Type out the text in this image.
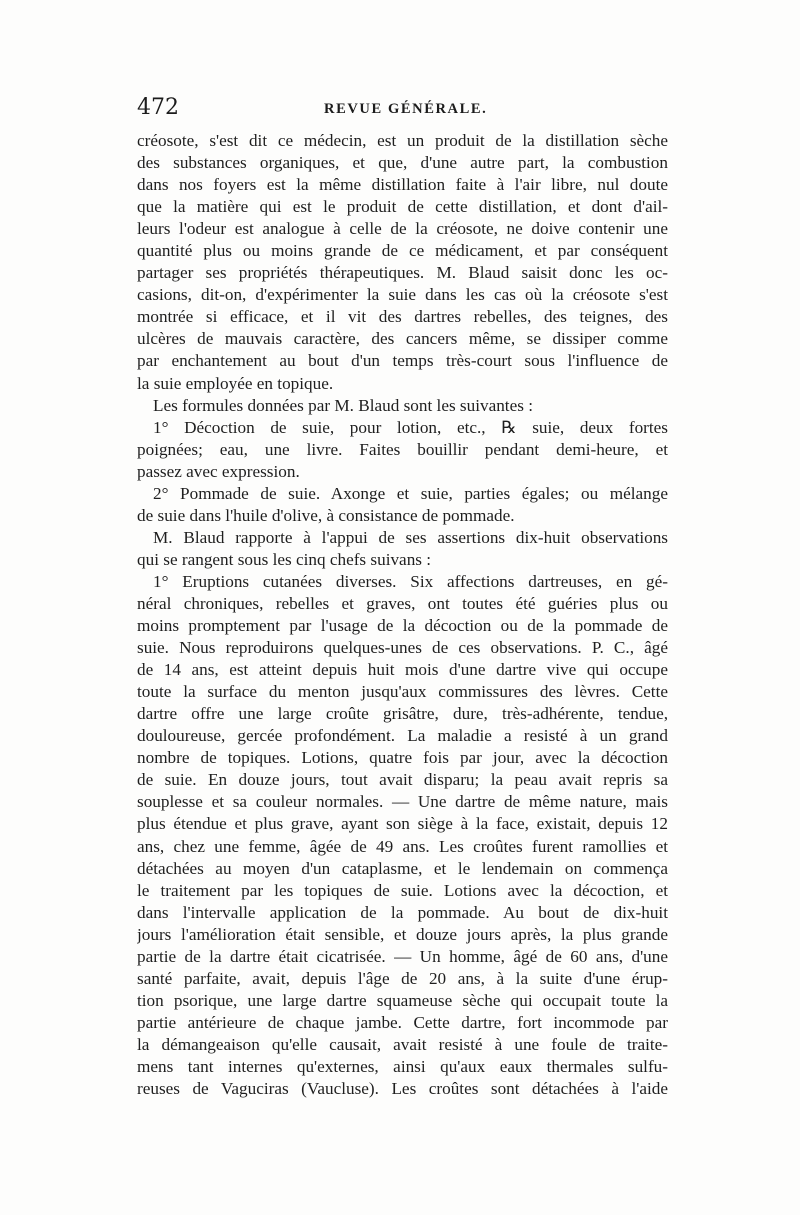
472	REVUE GÉNÉRALE.
créosote, s'est dit ce médecin, est un produit de la distillation sèche
des substances organiques, et que, d'une autre part, la combustion
dans nos foyers est la même distillation faite à l'air libre, nul doute
que la matière qui est le produit de cette distillation, et dont d'ail-
leurs l'odeur est analogue à celle de la créosote, ne doive contenir une
quantité plus ou moins grande de ce médicament, et par conséquent
partager ses propriétés thérapeutiques. M. Blaud saisit donc les oc-
casions, dit-on, d'expérimenter la suie dans les cas où la créosote s'est
montrée si efficace, et il vit des dartres rebelles, des teignes, des
ulcères de mauvais caractère, des cancers même, se dissiper comme
par enchantement au bout d'un temps très-court sous l'influence de
la suie employée en topique.
Les formules données par M. Blaud sont les suivantes :
1° Décoction de suie, pour lotion, etc., ℞ suie, deux fortes
poignées; eau, une livre. Faites bouillir pendant demi-heure, et
passez avec expression.
2° Pommade de suie. Axonge et suie, parties égales; ou mélange
de suie dans l'huile d'olive, à consistance de pommade.
M. Blaud rapporte à l'appui de ses assertions dix-huit observations
qui se rangent sous les cinq chefs suivans :
1° Eruptions cutanées diverses. Six affections dartreuses, en gé-
néral chroniques, rebelles et graves, ont toutes été guéries plus ou
moins promptement par l'usage de la décoction ou de la pommade de
suie. Nous reproduirons quelques-unes de ces observations. P. C., âgé
de 14 ans, est atteint depuis huit mois d'une dartre vive qui occupe
toute la surface du menton jusqu'aux commissures des lèvres. Cette
dartre offre une large croûte grisâtre, dure, très-adhérente, tendue,
douloureuse, gercée profondément. La maladie a resisté à un grand
nombre de topiques. Lotions, quatre fois par jour, avec la décoction
de suie. En douze jours, tout avait disparu; la peau avait repris sa
souplesse et sa couleur normales. — Une dartre de même nature, mais
plus étendue et plus grave, ayant son siège à la face, existait, depuis 12
ans, chez une femme, âgée de 49 ans. Les croûtes furent ramollies et
détachées au moyen d'un cataplasme, et le lendemain on commença
le traitement par les topiques de suie. Lotions avec la décoction, et
dans l'intervalle application de la pommade. Au bout de dix-huit
jours l'amélioration était sensible, et douze jours après, la plus grande
partie de la dartre était cicatrisée. — Un homme, âgé de 60 ans, d'une
santé parfaite, avait, depuis l'âge de 20 ans, à la suite d'une érup-
tion psorique, une large dartre squameuse sèche qui occupait toute la
partie antérieure de chaque jambe. Cette dartre, fort incommode par
la démangeaison qu'elle causait, avait resisté à une foule de traite-
mens tant internes qu'externes, ainsi qu'aux eaux thermales sulfu-
reuses de Vaguciras (Vaucluse). Les croûtes sont détachées à l'aide
